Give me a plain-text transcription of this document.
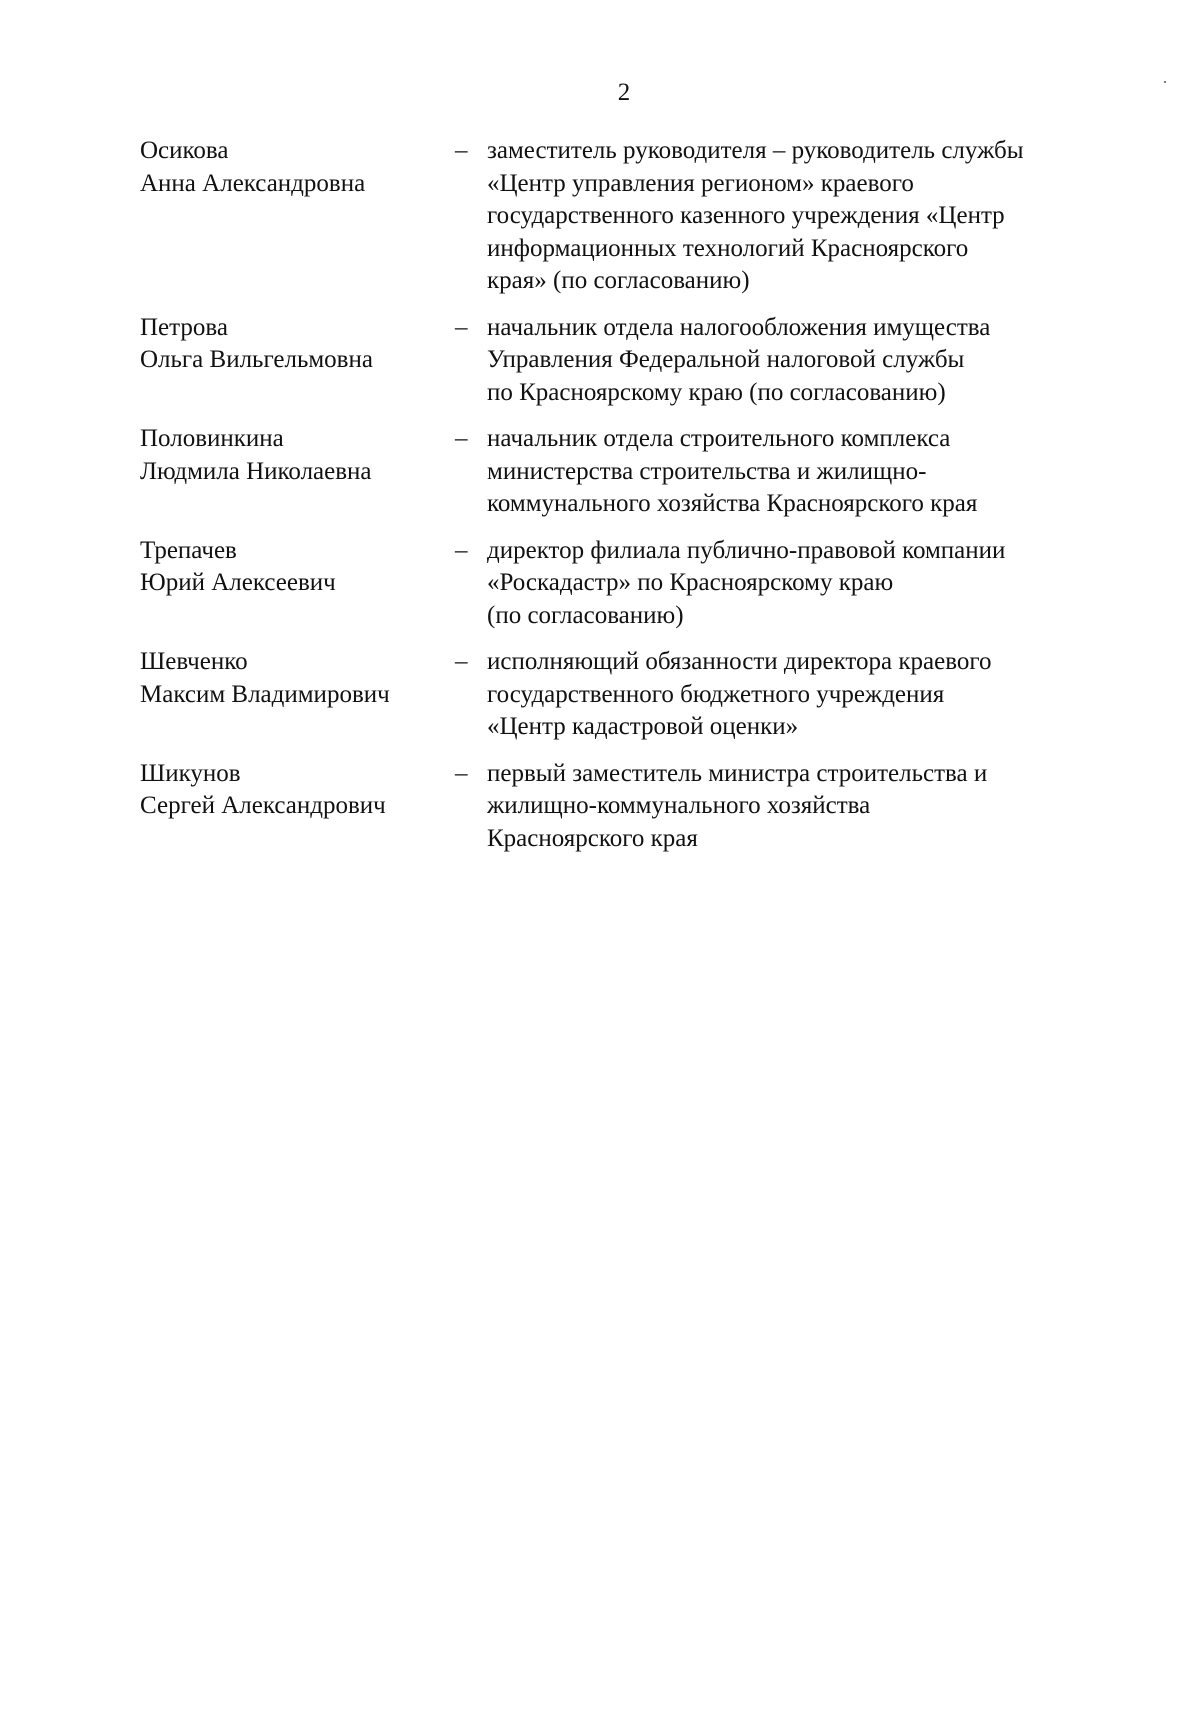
2
Осикова
Анна Александровна
– заместитель руководителя – руководитель службы
«Центр управления регионом» краевого
государственного казенного учреждения «Центр
информационных технологий Красноярского
края» (по согласованию)
Петрова
Ольга Вильгельмовна
– начальник отдела налогообложения имущества
Управления Федеральной налоговой службы
по Красноярскому краю (по согласованию)
Половинкина
Людмила Николаевна
– начальник отдела строительного комплекса
министерства строительства и жилищно-
коммунального хозяйства Красноярского края
Трепачев
Юрий Алексеевич
– директор филиала публично-правовой компании
«Роскадастр» по Красноярскому краю
(по согласованию)
Шевченко
Максим Владимирович
– исполняющий обязанности директора краевого
государственного бюджетного учреждения
«Центр кадастровой оценки»
Шикунов
Сергей Александрович
– первый заместитель министра строительства и
жилищно-коммунального хозяйства
Красноярского края
